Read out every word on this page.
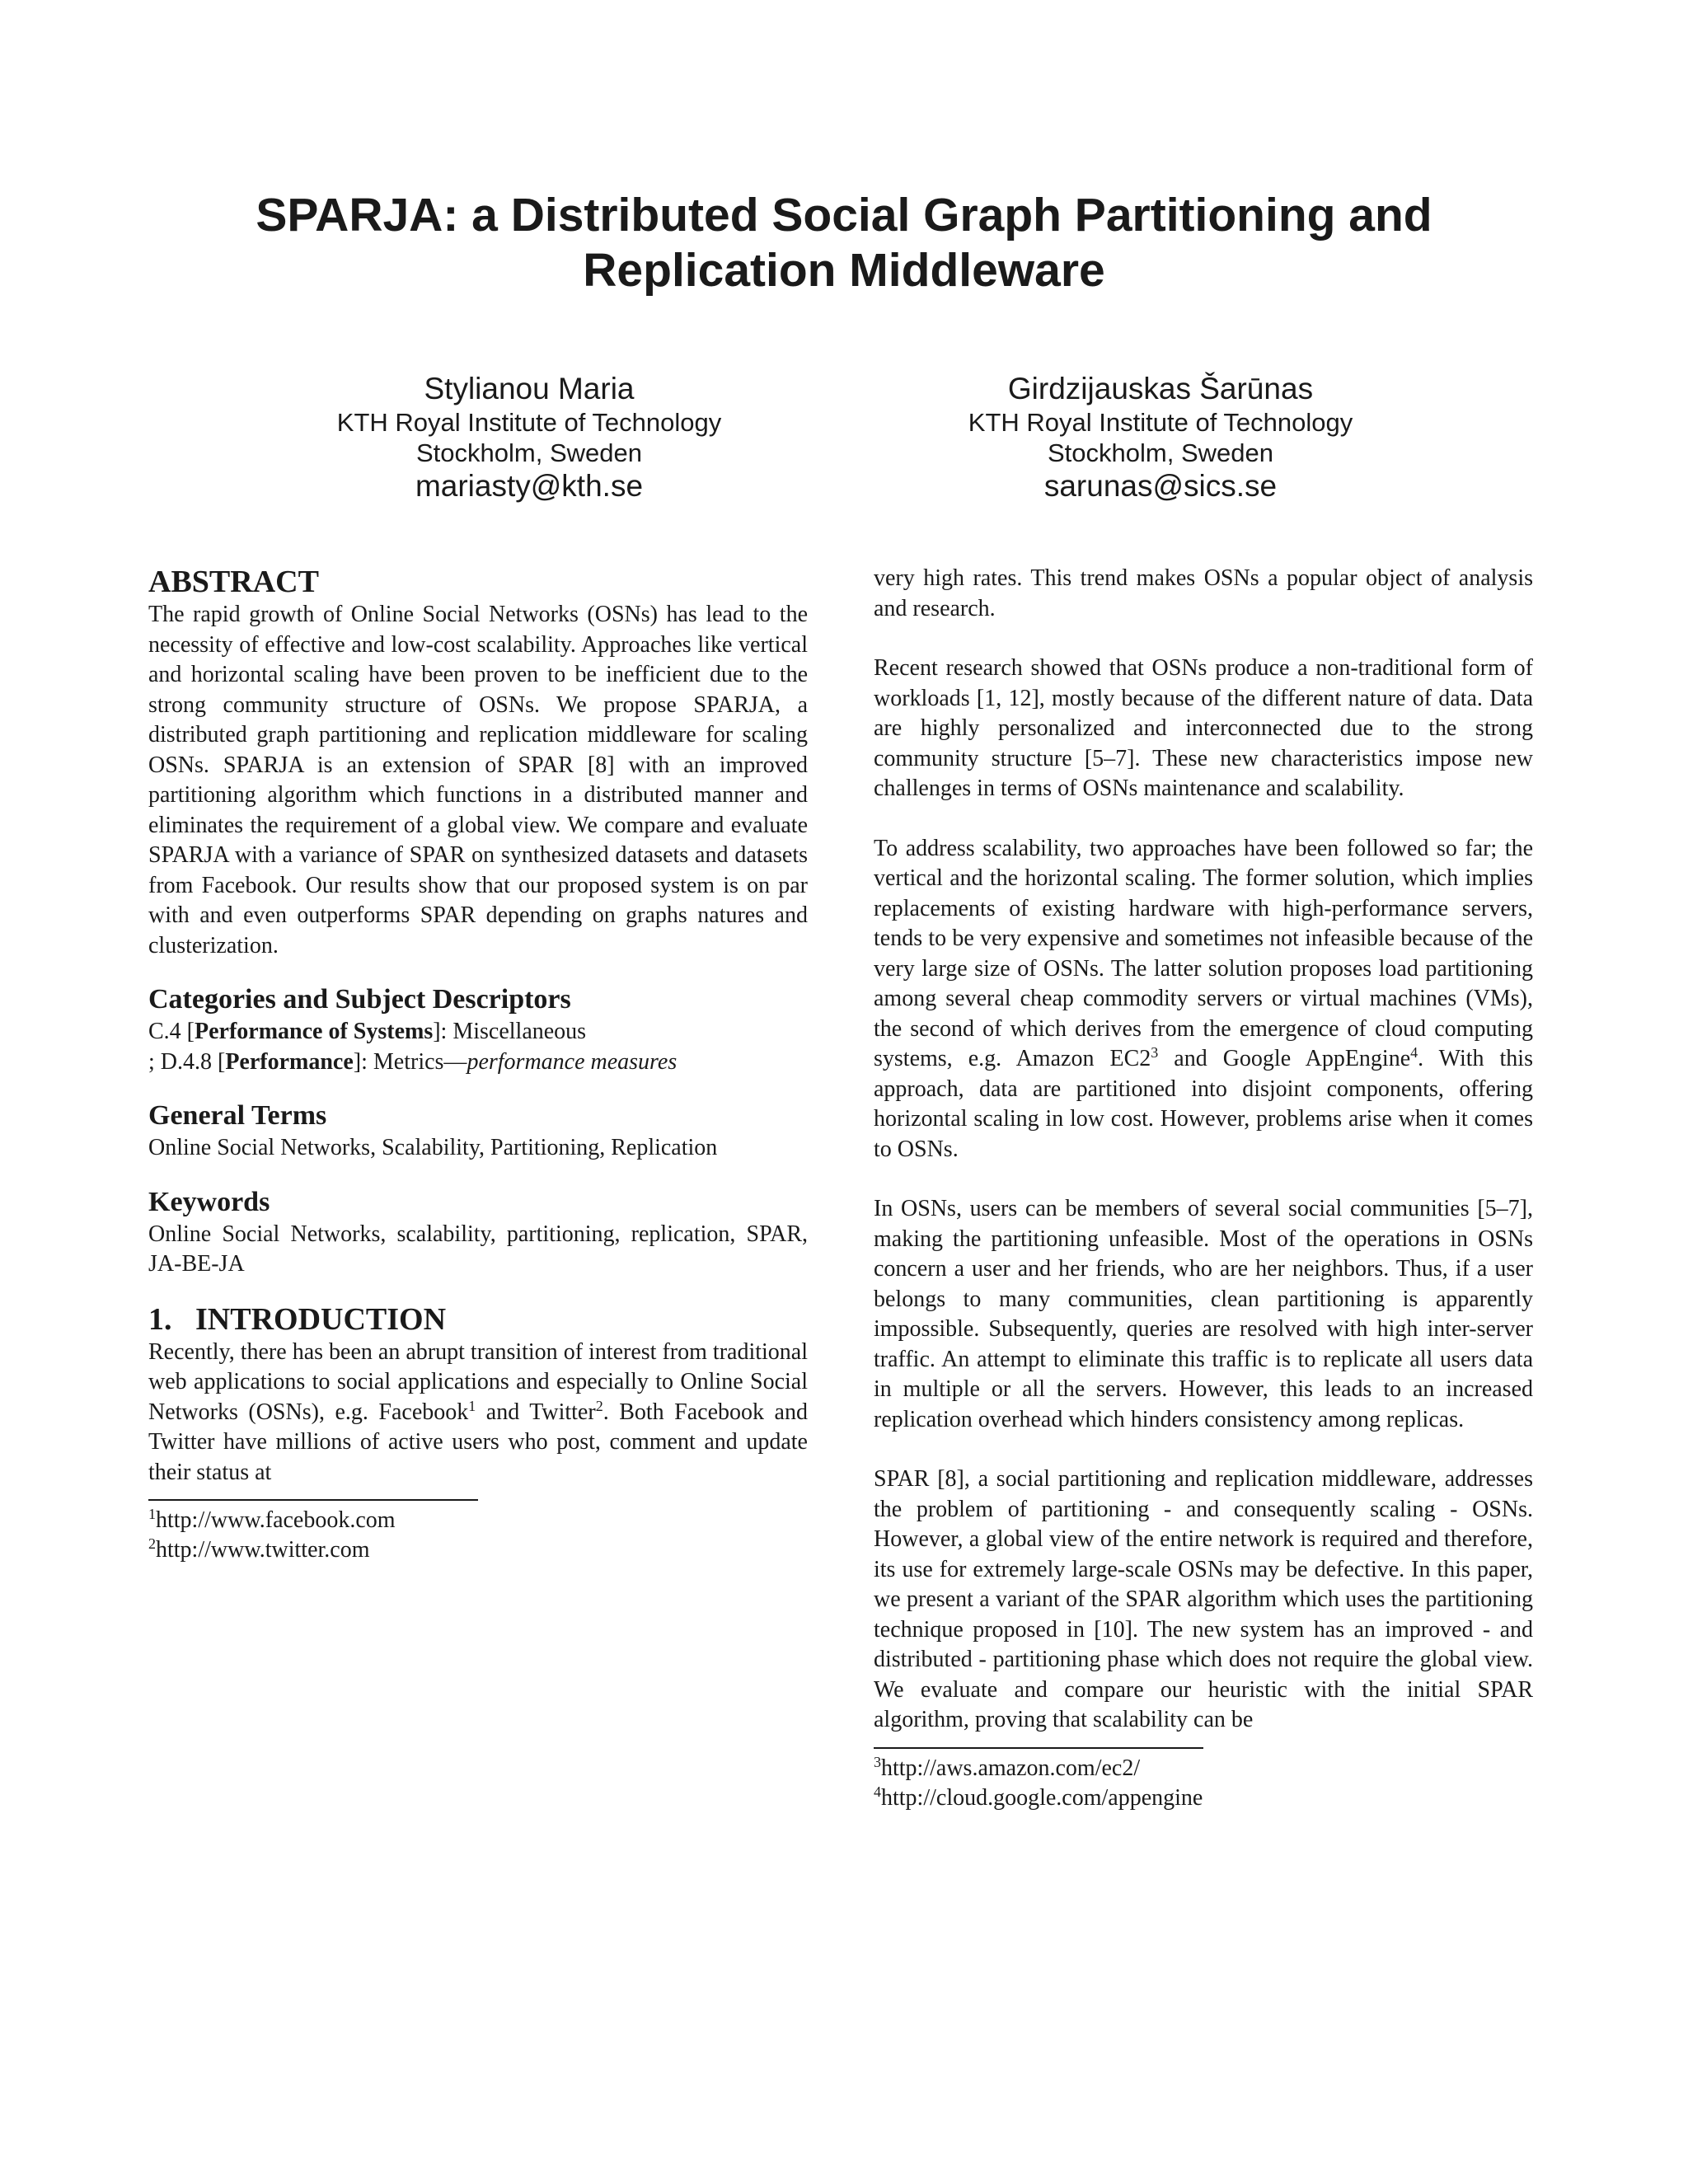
SPARJA: a Distributed Social Graph Partitioning and
Replication Middleware
Stylianou Maria
KTH Royal Institute of Technology
Stockholm, Sweden
mariasty@kth.se
Girdzijauskas Šarūnas
KTH Royal Institute of Technology
Stockholm, Sweden
sarunas@sics.se
ABSTRACT

The rapid growth of Online Social Networks (OSNs) has lead to the necessity of effective and low-cost scalability. Approaches like vertical and horizontal scaling have been proven to be inefficient due to the strong community structure of OSNs. We propose SPARJA, a distributed graph partitioning and replication middleware for scaling OSNs. SPARJA is an extension of SPAR [8] with an improved partitioning algorithm which functions in a distributed manner and eliminates the requirement of a global view. We compare and evaluate SPARJA with a variance of SPAR on synthesized datasets and datasets from Facebook. Our results show that our proposed system is on par with and even outperforms SPAR depending on graphs natures and clusterization.

Categories and Subject Descriptors

C.4 [Performance of Systems]: Miscellaneous

; D.4.8 [Performance]: Metrics—performance measures

General Terms

Online Social Networks, Scalability, Partitioning, Replication

Keywords

Online Social Networks, scalability, partitioning, replication, SPAR, JA-BE-JA

1.   INTRODUCTION

Recently, there has been an abrupt transition of interest from traditional web applications to social applications and especially to Online Social Networks (OSNs), e.g. Facebook$^1$ and Twitter$^2$. Both Facebook and Twitter have millions of active users who post, comment and update their status at

$^1$http://www.facebook.com
$^2$http://www.twitter.com

very high rates. This trend makes OSNs a popular object of analysis and research.

Recent research showed that OSNs produce a non-traditional form of workloads [1, 12], mostly because of the different nature of data. Data are highly personalized and interconnected due to the strong community structure [5–7]. These new characteristics impose new challenges in terms of OSNs maintenance and scalability.

To address scalability, two approaches have been followed so far; the vertical and the horizontal scaling. The former solution, which implies replacements of existing hardware with high-performance servers, tends to be very expensive and sometimes not infeasible because of the very large size of OSNs. The latter solution proposes load partitioning among several cheap commodity servers or virtual machines (VMs), the second of which derives from the emergence of cloud computing systems, e.g. Amazon $EC2^3$ and Google AppEngine$^4$. With this approach, data are partitioned into disjoint components, offering horizontal scaling in low cost. However, problems arise when it comes to OSNs.

In OSNs, users can be members of several social communities [5–7], making the partitioning unfeasible. Most of the operations in OSNs concern a user and her friends, who are her neighbors. Thus, if a user belongs to many communities, clean partitioning is apparently impossible. Subsequently, queries are resolved with high inter-server traffic. An attempt to eliminate this traffic is to replicate all users data in multiple or all the servers. However, this leads to an increased replication overhead which hinders consistency among replicas.

SPAR [8], a social partitioning and replication middleware, addresses the problem of partitioning - and consequently scaling - OSNs. However, a global view of the entire network is required and therefore, its use for extremely large-scale OSNs may be defective. In this paper, we present a variant of the SPAR algorithm which uses the partitioning technique proposed in [10]. The new system has an improved - and distributed - partitioning phase which does not require the global view. We evaluate and compare our heuristic with the initial SPAR algorithm, proving that scalability can be

$^3$http://aws.amazon.com/ec2/
$^4$http://cloud.google.com/appengine
